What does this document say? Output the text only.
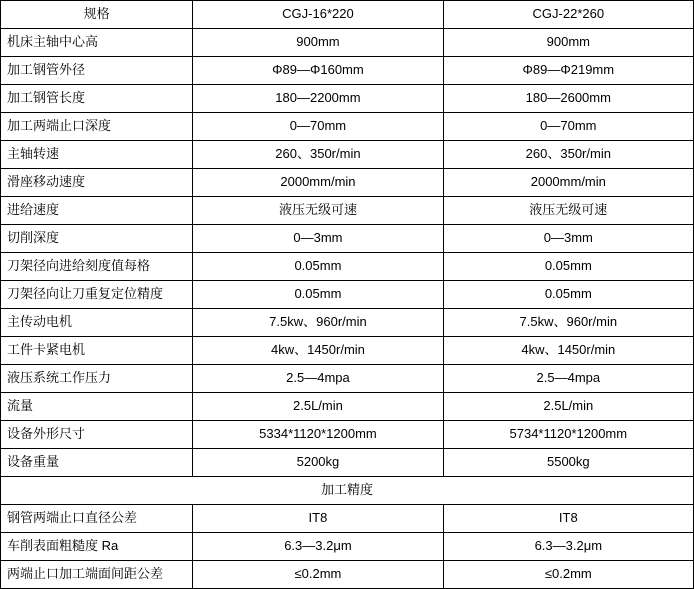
规格	CGJ-16*220	CGJ-22*260
机床主轴中心高	900mm	900mm
加工钢管外径	Φ89—Φ160mm	Φ89—Φ219mm
加工钢管长度	180—2200mm	180—2600mm
加工两端止口深度	0—70mm	0—70mm
主轴转速	260、350r/min	260、350r/min
滑座移动速度	2000mm/min	2000mm/min
进给速度	液压无级可速	液压无级可速
切削深度	0—3mm	0—3mm
刀架径向进给刻度值每格	0.05mm	0.05mm
刀架径向让刀重复定位精度	0.05mm	0.05mm
主传动电机	7.5kw、960r/min	7.5kw、960r/min
工件卡紧电机	4kw、1450r/min	4kw、1450r/min
液压系统工作压力	2.5—4mpa	2.5—4mpa
流量	2.5L/min	2.5L/min
设备外形尺寸	5334*1120*1200mm	5734*1120*1200mm
设备重量	5200kg	5500kg
加工精度		
钢管两端止口直径公差	IT8	IT8
车削表面粗糙度 Ra	6.3—3.2μm	6.3—3.2μm
两端止口加工端面间距公差	≤0.2mm	≤0.2mm
